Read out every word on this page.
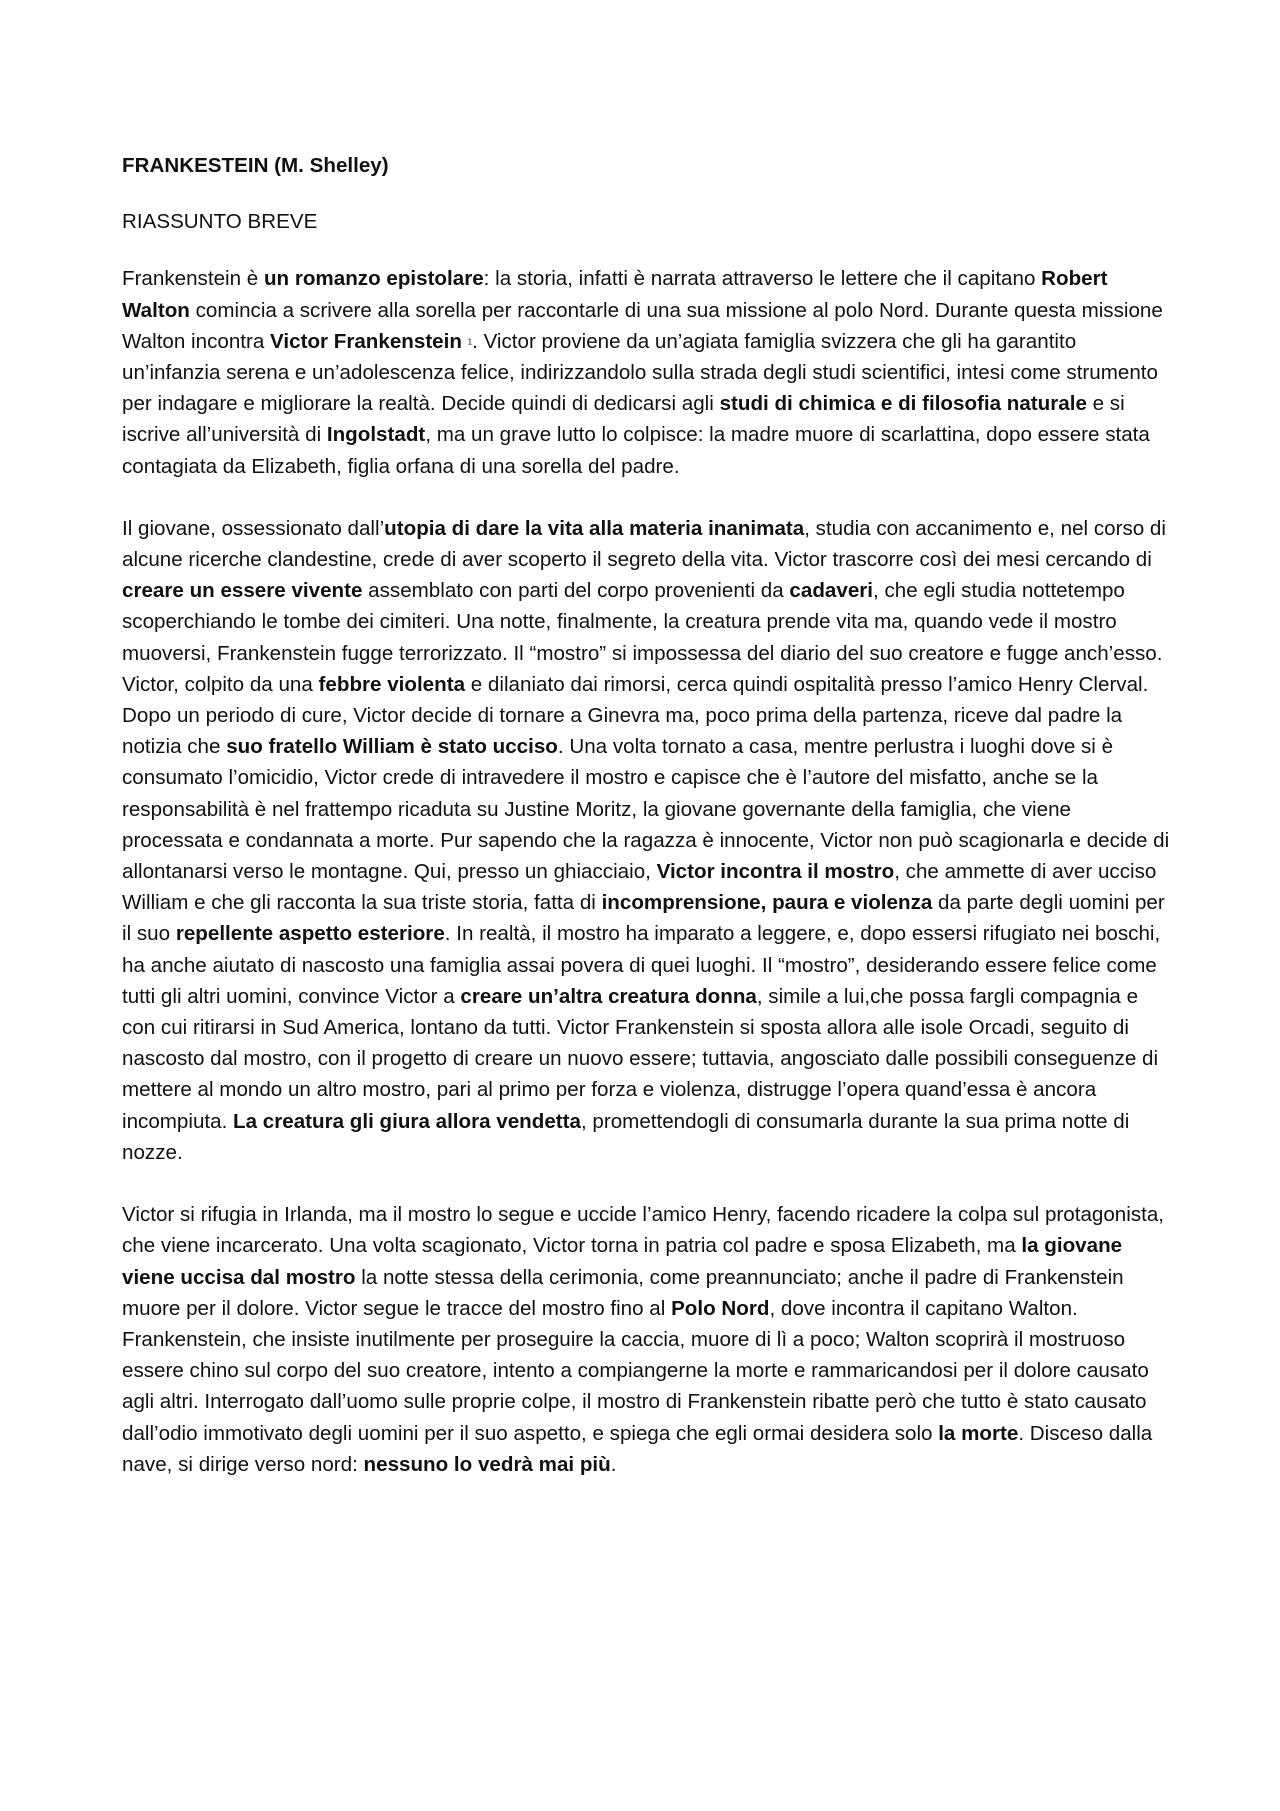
FRANKESTEIN (M. Shelley)
RIASSUNTO BREVE
Frankenstein è un romanzo epistolare: la storia, infatti è narrata attraverso le lettere che il capitano Robert Walton comincia a scrivere alla sorella per raccontarle di una sua missione al polo Nord. Durante questa missione Walton incontra Victor Frankenstein 1. Victor proviene da un’agiata famiglia svizzera che gli ha garantito un’infanzia serena e un’adolescenza felice, indirizzandolo sulla strada degli studi scientifici, intesi come strumento per indagare e migliorare la realtà. Decide quindi di dedicarsi agli studi di chimica e di filosofia naturale e si iscrive all’università di Ingolstadt, ma un grave lutto lo colpisce: la madre muore di scarlattina, dopo essere stata contagiata da Elizabeth, figlia orfana di una sorella del padre.
Il giovane, ossessionato dall’utopia di dare la vita alla materia inanimata, studia con accanimento e, nel corso di alcune ricerche clandestine, crede di aver scoperto il segreto della vita. Victor trascorre così dei mesi cercando di creare un essere vivente assemblato con parti del corpo provenienti da cadaveri, che egli studia nottetempo scoperchiando le tombe dei cimiteri. Una notte, finalmente, la creatura prende vita ma, quando vede il mostro muoversi, Frankenstein fugge terrorizzato. Il “mostro” si impossessa del diario del suo creatore e fugge anch’esso. Victor, colpito da una febbre violenta e dilaniato dai rimorsi, cerca quindi ospitalità presso l’amico Henry Clerval. Dopo un periodo di cure, Victor decide di tornare a Ginevra ma, poco prima della partenza, riceve dal padre la notizia che suo fratello William è stato ucciso. Una volta tornato a casa, mentre perlustra i luoghi dove si è consumato l’omicidio, Victor crede di intravedere il mostro e capisce che è l’autore del misfatto, anche se la responsabilità è nel frattempo ricaduta su Justine Moritz, la giovane governante della famiglia, che viene processata e condannata a morte. Pur sapendo che la ragazza è innocente, Victor non può scagionarla e decide di allontanarsi verso le montagne. Qui, presso un ghiacciaio, Victor incontra il mostro, che ammette di aver ucciso William e che gli racconta la sua triste storia, fatta di incomprensione, paura e violenza da parte degli uomini per il suo repellente aspetto esteriore. In realtà, il mostro ha imparato a leggere, e, dopo essersi rifugiato nei boschi, ha anche aiutato di nascosto una famiglia assai povera di quei luoghi. Il “mostro”, desiderando essere felice come tutti gli altri uomini, convince Victor a creare un’altra creatura donna, simile a lui,che possa fargli compagnia e con cui ritirarsi in Sud America, lontano da tutti. Victor Frankenstein si sposta allora alle isole Orcadi, seguito di nascosto dal mostro, con il progetto di creare un nuovo essere; tuttavia, angosciato dalle possibili conseguenze di mettere al mondo un altro mostro, pari al primo per forza e violenza, distrugge l’opera quand’essa è ancora incompiuta. La creatura gli giura allora vendetta, promettendogli di consumarla durante la sua prima notte di nozze.
Victor si rifugia in Irlanda, ma il mostro lo segue e uccide l’amico Henry, facendo ricadere la colpa sul protagonista, che viene incarcerato. Una volta scagionato, Victor torna in patria col padre e sposa Elizabeth, ma la giovane viene uccisa dal mostro la notte stessa della cerimonia, come preannunciato; anche il padre di Frankenstein muore per il dolore. Victor segue le tracce del mostro fino al Polo Nord, dove incontra il capitano Walton. Frankenstein, che insiste inutilmente per proseguire la caccia, muore di lì a poco; Walton scoprirà il mostruoso essere chino sul corpo del suo creatore, intento a compiangerne la morte e rammaricandosi per il dolore causato agli altri. Interrogato dall’uomo sulle proprie colpe, il mostro di Frankenstein ribatte però che tutto è stato causato dall’odio immotivato degli uomini per il suo aspetto, e spiega che egli ormai desidera solo la morte. Disceso dalla nave, si dirige verso nord: nessuno lo vedrà mai più.
